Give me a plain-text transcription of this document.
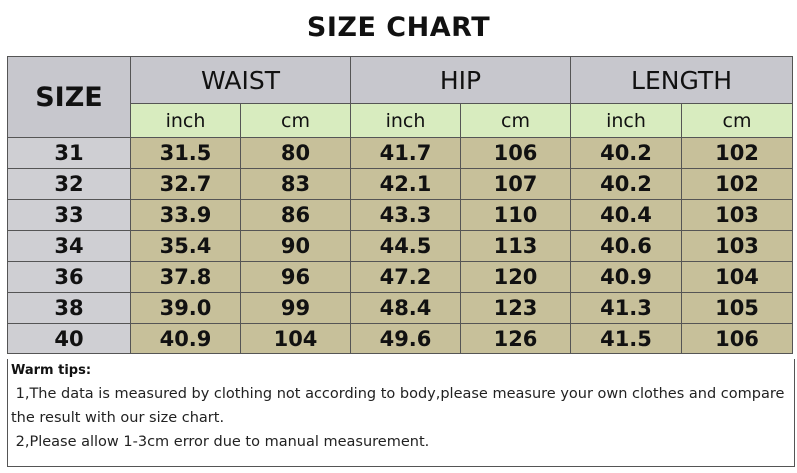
SIZE CHART
SIZE	WAIST		HIP		LENGTH	
	inch	cm	inch	cm	inch	cm
31	31.5	80	41.7	106	40.2	102
32	32.7	83	42.1	107	40.2	102
33	33.9	86	43.3	110	40.4	103
34	35.4	90	44.5	113	40.6	103
36	37.8	96	47.2	120	40.9	104
38	39.0	99	48.4	123	41.3	105
40	40.9	104	49.6	126	41.5	106
Warm tips:
1,The data is measured by clothing not according to body,please measure your own clothes and compare
the result with our size chart.
2,Please allow 1-3cm error due to manual measurement.
